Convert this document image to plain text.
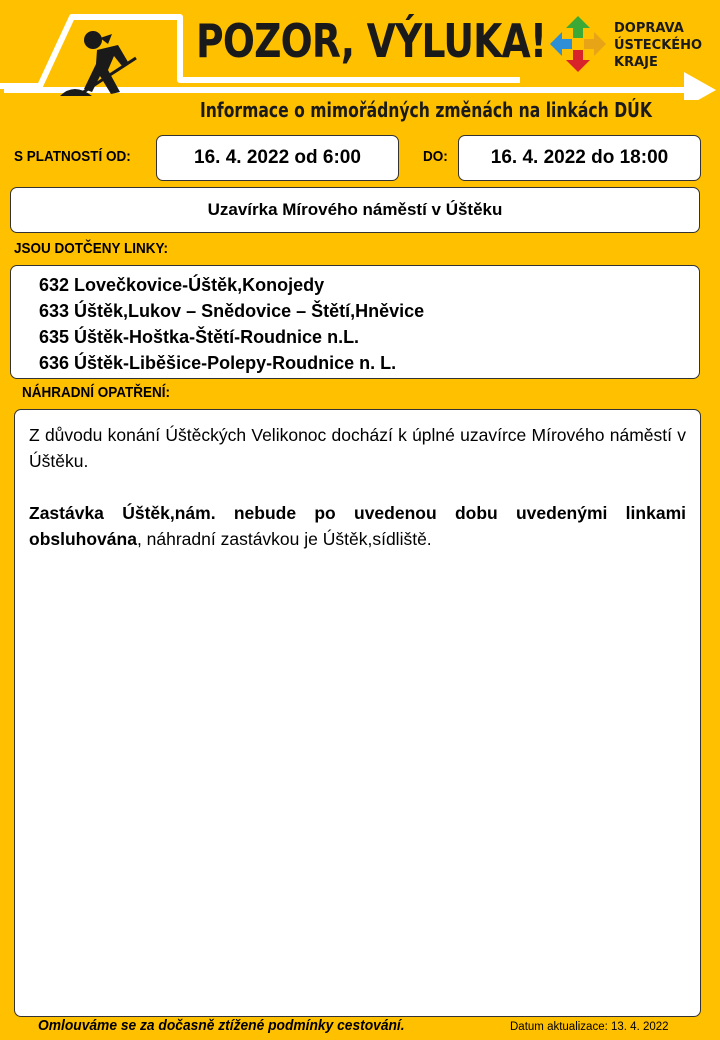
POZOR, VÝLUKA!	DOPRAVA
ÚSTECKÉHO
KRAJE
Informace o mimořádných změnách na linkách DÚK
S PLATNOSTÍ OD:	16. 4. 2022 od 6:00	DO:	16. 4. 2022 do 18:00
Uzavírka Mírového náměstí v Úštěku
JSOU DOTČENY LINKY:
632 Lovečkovice-Úštěk,Konojedy
633 Úštěk,Lukov – Snědovice – Štětí,Hněvice
635 Úštěk-Hoštka-Štětí-Roudnice n.L.
636 Úštěk-Liběšice-Polepy-Roudnice n. L.
NÁHRADNÍ OPATŘENÍ:

Z důvodu konání Úštěckých Velikonoc dochází k úplné uzavírce Mírového náměstí v Úštěku.

Zastávka Úštěk,nám. nebude po uvedenou dobu uvedenými linkami obsluhována, náhradní zastávkou je Úštěk,sídliště.

Omlouváme se za dočasně ztížené podmínky cestování.	Datum aktualizace: 13. 4. 2022
